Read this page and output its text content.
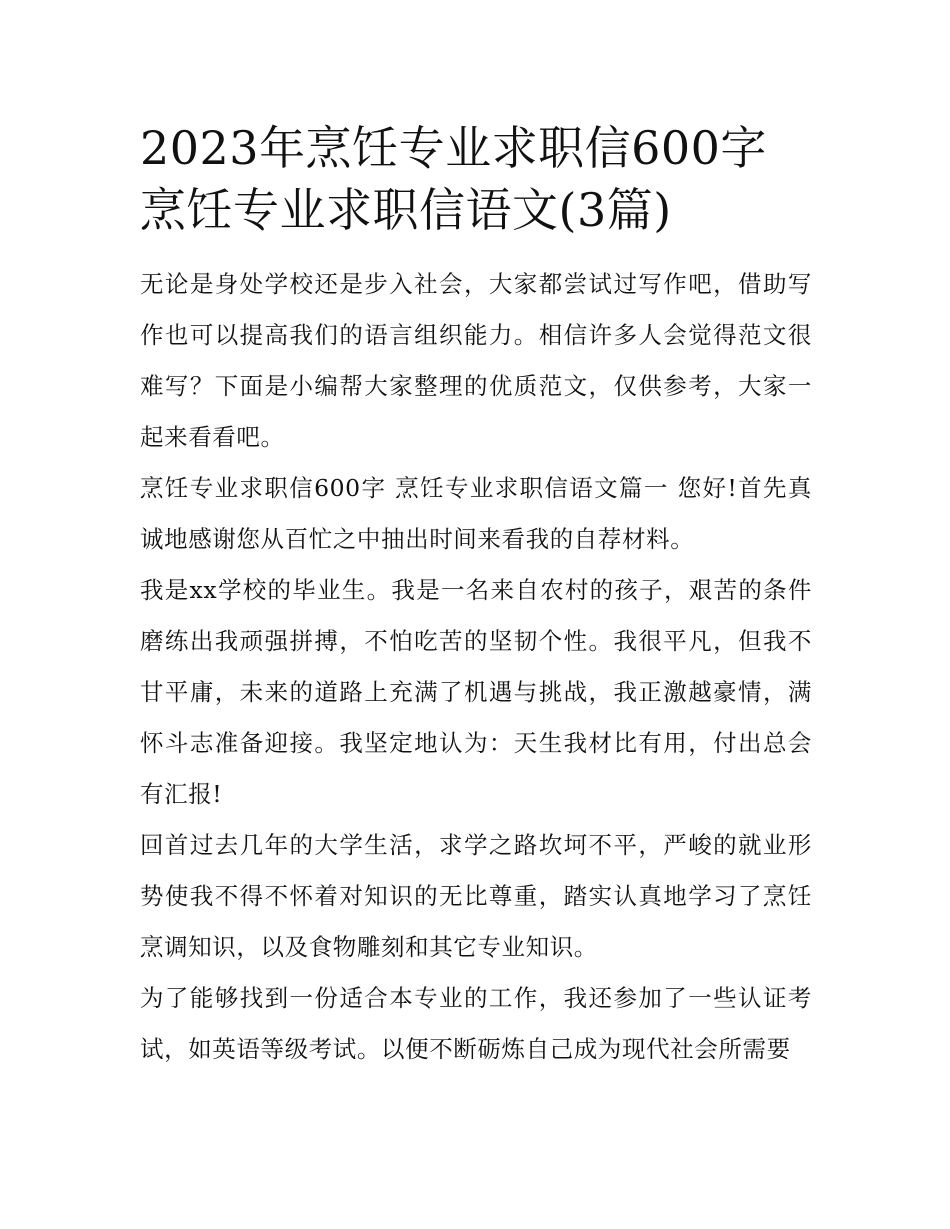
2023年烹饪专业求职信600字 烹饪专业求职信语文(3篇)

无论是身处学校还是步入社会，大家都尝试过写作吧，借助写作也可以提高我们的语言组织能力。相信许多人会觉得范文很难写？下面是小编帮大家整理的优质范文，仅供参考，大家一起来看看吧。

烹饪专业求职信600字 烹饪专业求职信语文篇一 您好!首先真诚地感谢您从百忙之中抽出时间来看我的自荐材料。

我是xx学校的毕业生。我是一名来自农村的孩子，艰苦的条件磨练出我顽强拼搏，不怕吃苦的坚韧个性。我很平凡，但我不甘平庸，未来的道路上充满了机遇与挑战，我正激越豪情，满怀斗志准备迎接。我坚定地认为：天生我材比有用，付出总会有汇报!

回首过去几年的大学生活，求学之路坎坷不平，严峻的就业形势使我不得不怀着对知识的无比尊重，踏实认真地学习了烹饪烹调知识，以及食物雕刻和其它专业知识。

为了能够找到一份适合本专业的工作，我还参加了一些认证考试，如英语等级考试。以便不断砺炼自己成为现代社会所需要
